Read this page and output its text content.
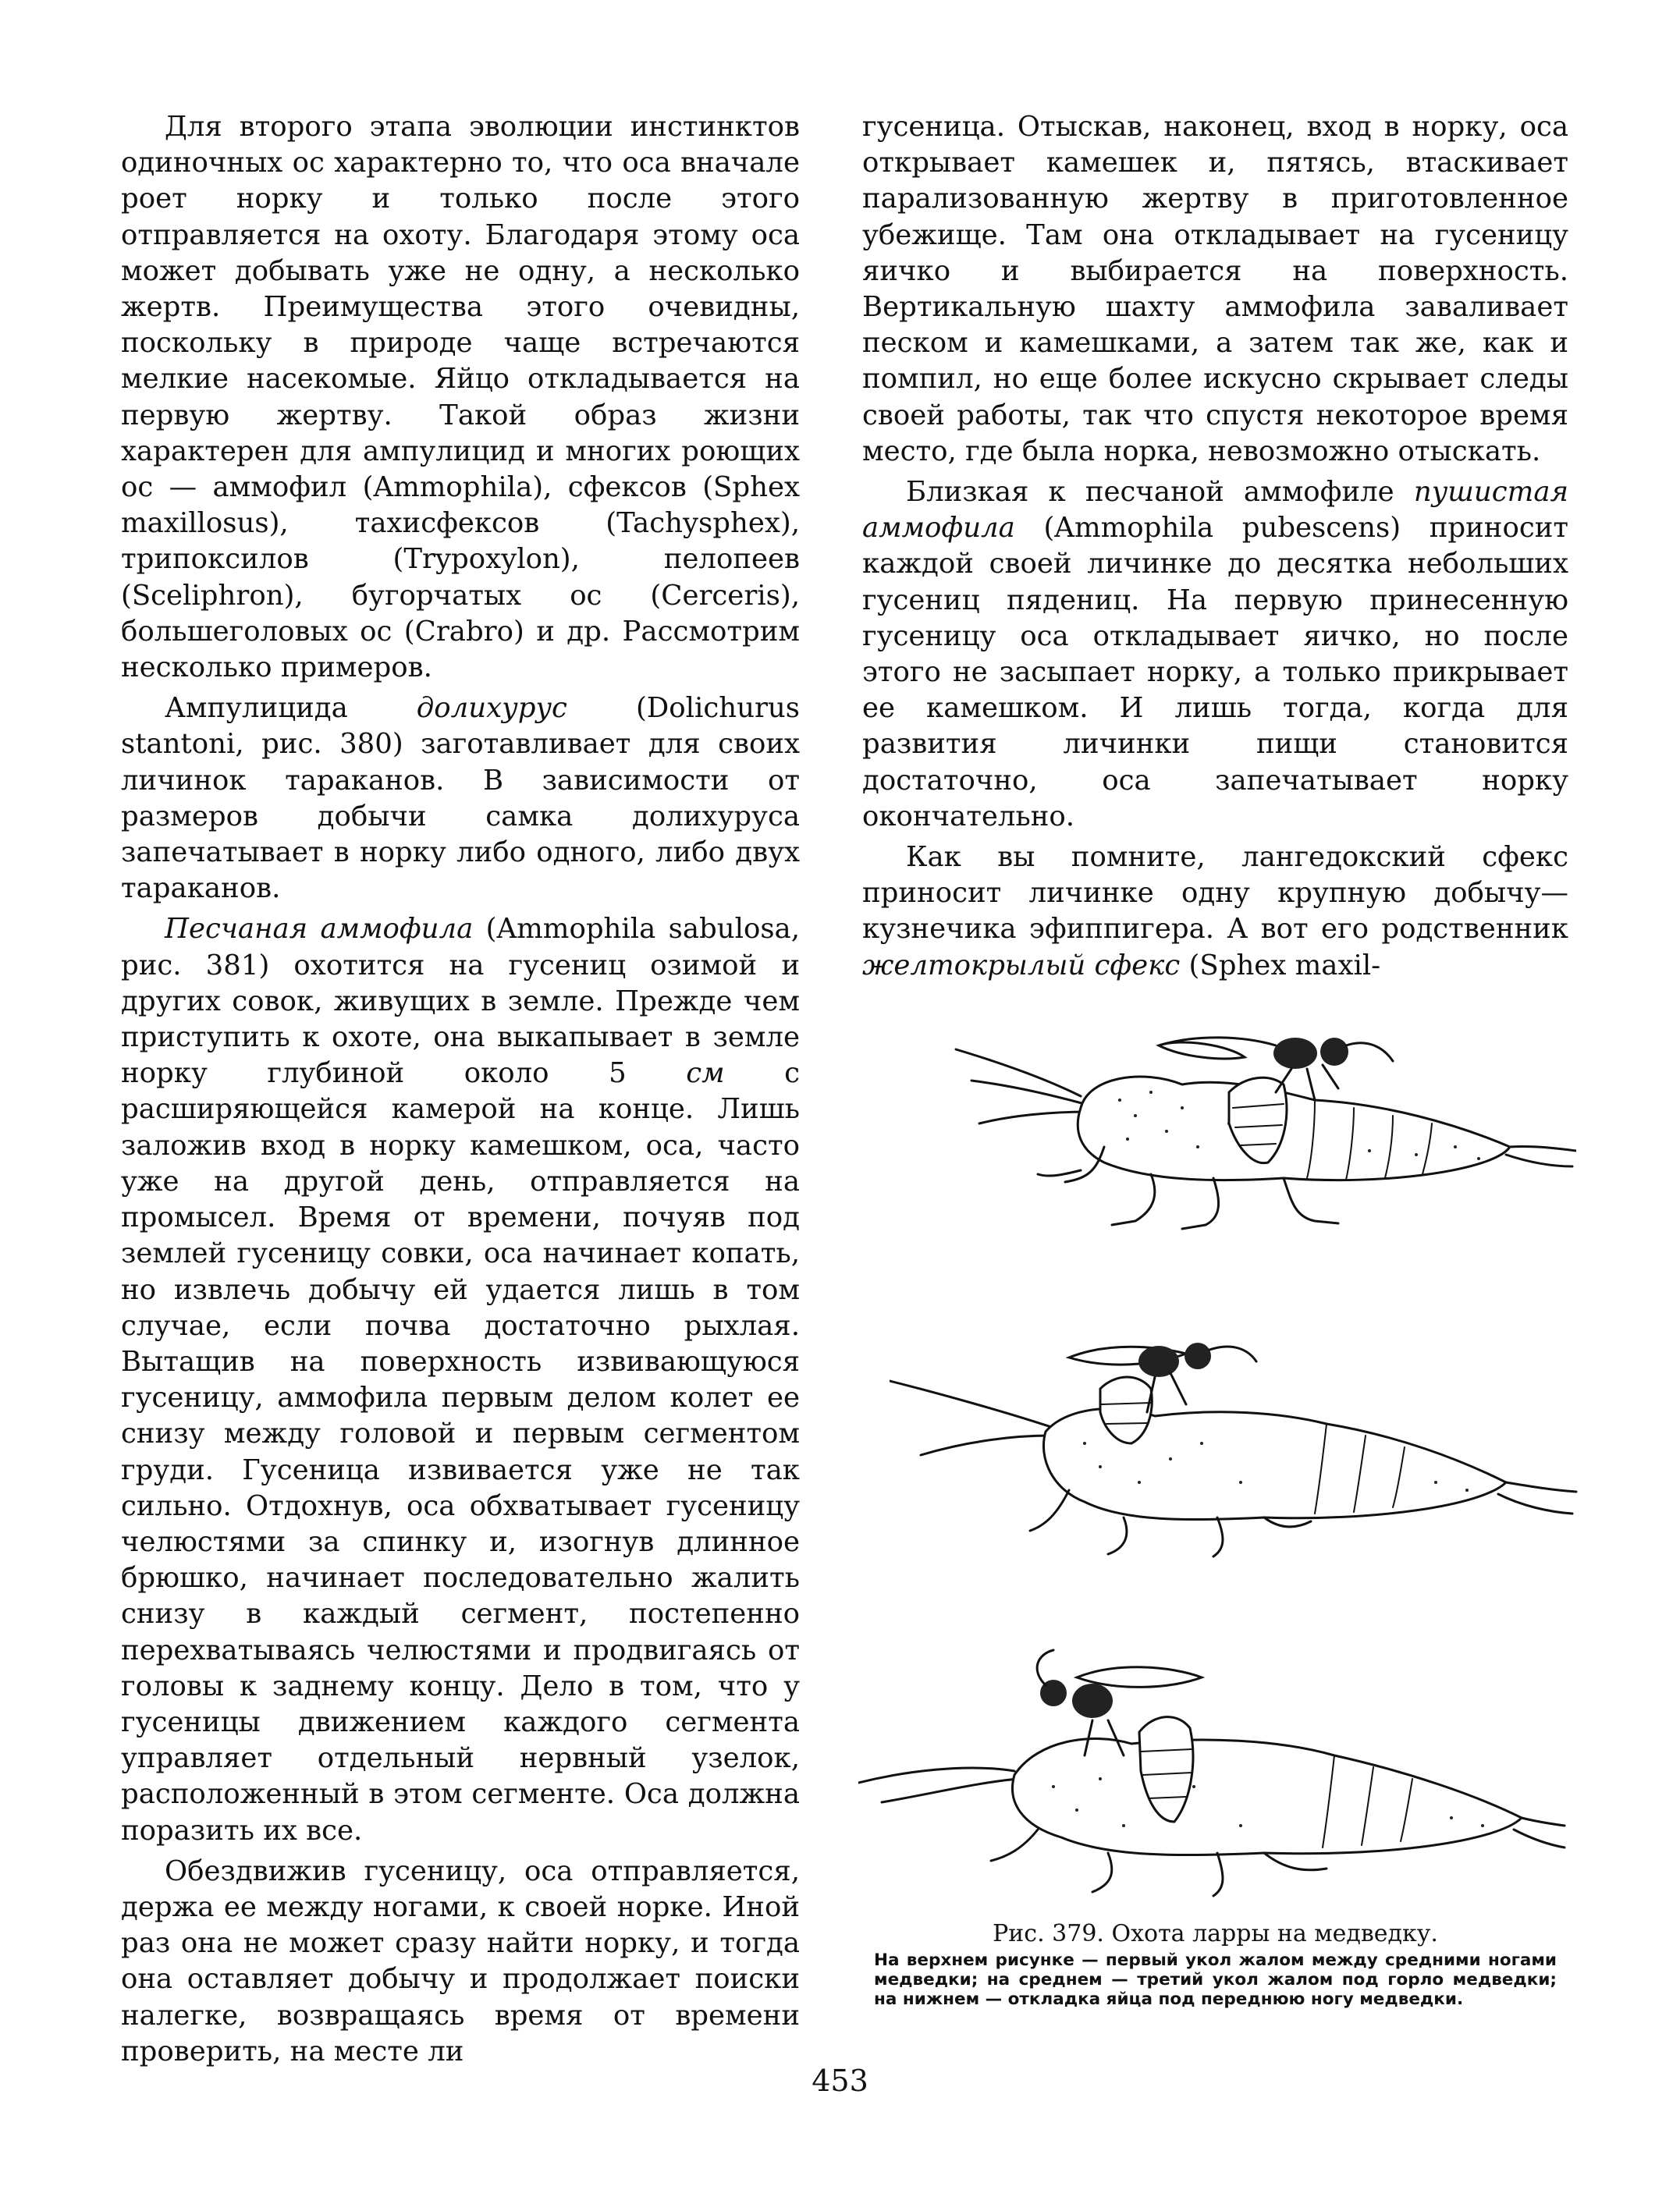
Для второго этапа эволюции инстинктов одиночных ос характерно то, что оса вначале роет норку и только после этого отправляется на охоту. Благодаря этому оса может добывать уже не одну, а несколько жертв. Преимущества этого очевидны, поскольку в природе чаще встречаются мелкие насекомые. Яйцо откладывается на первую жертву. Такой образ жизни характерен для ампулицид и многих роющих ос — аммофил (Ammophila), сфексов (Sphex maxillosus), тахисфексов (Tachysphex), трипоксилов (Trypoxylon), пелопеев (Sceliphron), бугорчатых ос (Cerceris), большеголовых ос (Crabro) и др. Рассмотрим несколько примеров.

Ампулицида долихурус (Dolichurus stantoni, рис. 380) заготавливает для своих личинок тараканов. В зависимости от размеров добычи самка долихуруса запечатывает в норку либо одного, либо двух тараканов.

Песчаная аммофила (Ammophila sabulosa, рис. 381) охотится на гусениц озимой и других совок, живущих в земле. Прежде чем приступить к охоте, она выкапывает в земле норку глубиной около 5 см с расширяющейся камерой на конце. Лишь заложив вход в норку камешком, оса, часто уже на другой день, отправляется на промысел. Время от времени, почуяв под землей гусеницу совки, оса начинает копать, но извлечь добычу ей удается лишь в том случае, если почва достаточно рыхлая. Вытащив на поверхность извивающуюся гусеницу, аммофила первым делом колет ее снизу между головой и первым сегментом груди. Гусеница извивается уже не так сильно. Отдохнув, оса обхватывает гусеницу челюстями за спинку и, изогнув длинное брюшко, начинает последовательно жалить снизу в каждый сегмент, постепенно перехватываясь челюстями и продвигаясь от головы к заднему концу. Дело в том, что у гусеницы движением каждого сегмента управляет отдельный нервный узелок, расположенный в этом сегменте. Оса должна поразить их все.

Обездвижив гусеницу, оса отправляется, держа ее между ногами, к своей норке. Иной раз она не может сразу найти норку, и тогда она оставляет добычу и продолжает поиски налегке, возвращаясь время от времени проверить, на месте ли

гусеница. Отыскав, наконец, вход в норку, оса открывает камешек и, пятясь, втаскивает парализованную жертву в приготовленное убежище. Там она откладывает на гусеницу яичко и выбирается на поверхность. Вертикальную шахту аммофила заваливает песком и камешками, а затем так же, как и помпил, но еще более искусно скрывает следы своей работы, так что спустя некоторое время место, где была норка, невозможно отыскать.

Близкая к песчаной аммофиле пушистая аммофила (Ammophila pubescens) приносит каждой своей личинке до десятка небольших гусениц пядениц. На первую принесенную гусеницу оса откладывает яичко, но после этого не засыпает норку, а только прикрывает ее камешком. И лишь тогда, когда для развития личинки пищи становится достаточно, оса запечатывает норку окончательно.

Как вы помните, лангедокский сфекс приносит личинке одну крупную добычу— кузнечика эфиппигера. А вот его родственник желтокрылый сфекс (Sphex maxil-

Рис. 379. Охота ларры на медведку.
На верхнем рисунке — первый укол жалом между средними ногами медведки; на среднем — третий укол жалом под горло медведки; на нижнем — откладка яйца под переднюю ногу медведки.
453
